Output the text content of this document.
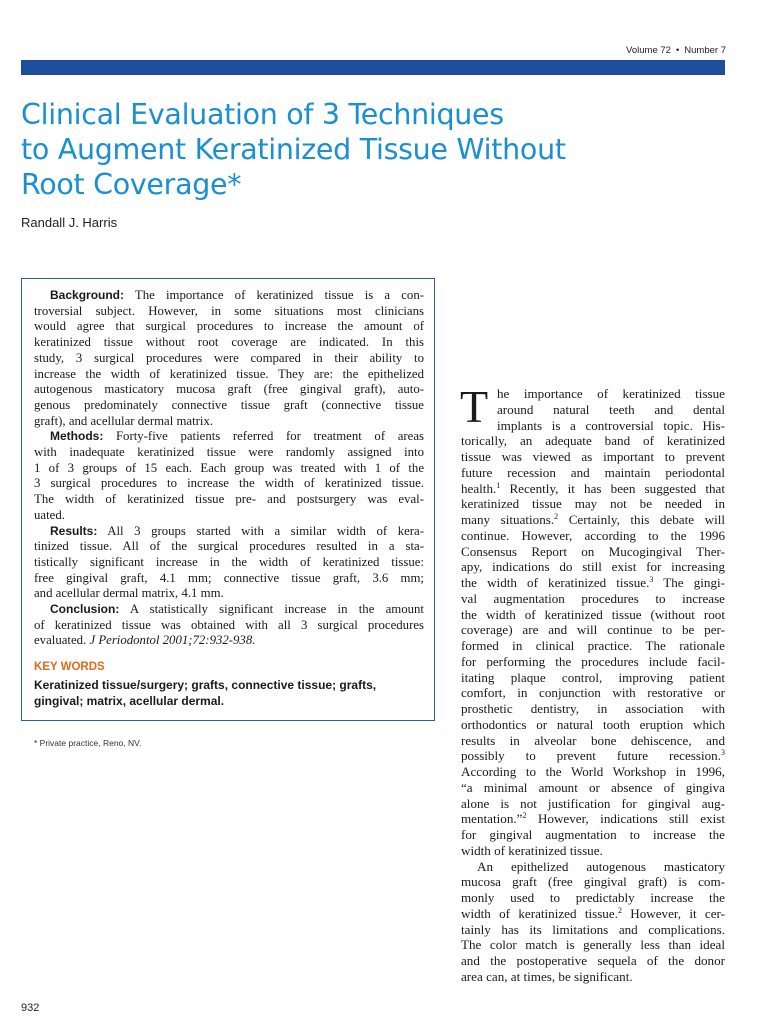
Volume 72 • Number 7
Clinical Evaluation of 3 Techniques
to Augment Keratinized Tissue Without
Root Coverage*
Randall J. Harris
Background: The importance of keratinized tissue is a con-
troversial subject. However, in some situations most clinicians
would agree that surgical procedures to increase the amount of
keratinized tissue without root coverage are indicated. In this
study, 3 surgical procedures were compared in their ability to
increase the width of keratinized tissue. They are: the epithelized
autogenous masticatory mucosa graft (free gingival graft), auto-
genous predominately connective tissue graft (connective tissue
graft), and acellular dermal matrix.
Methods: Forty-five patients referred for treatment of areas
with inadequate keratinized tissue were randomly assigned into
1 of 3 groups of 15 each. Each group was treated with 1 of the
3 surgical procedures to increase the width of keratinized tissue.
The width of keratinized tissue pre- and postsurgery was eval-
uated.
Results: All 3 groups started with a similar width of kera-
tinized tissue. All of the surgical procedures resulted in a sta-
tistically significant increase in the width of keratinized tissue:
free gingival graft, 4.1 mm; connective tissue graft, 3.6 mm;
and acellular dermal matrix, 4.1 mm.
Conclusion: A statistically significant increase in the amount
of keratinized tissue was obtained with all 3 surgical procedures
evaluated. J Periodontol 2001;72:932-938.
KEY WORDS
Keratinized tissue/surgery; grafts, connective tissue; grafts,
gingival; matrix, acellular dermal.
* Private practice, Reno, NV.
T he importance of keratinized tissue
around natural teeth and dental
implants is a controversial topic. His-
torically, an adequate band of keratinized
tissue was viewed as important to prevent
future recession and maintain periodontal
health.$^1$ Recently, it has been suggested that
keratinized tissue may not be needed in
many situations.$^2$ Certainly, this debate will
continue. However, according to the 1996
Consensus Report on Mucogingival Ther-
apy, indications do still exist for increasing
the width of keratinized tissue.$^3$ The gingi-
val augmentation procedures to increase
the width of keratinized tissue (without root
coverage) are and will continue to be per-
formed in clinical practice. The rationale
for performing the procedures include facil-
itating plaque control, improving patient
comfort, in conjunction with restorative or
prosthetic dentistry, in association with
orthodontics or natural tooth eruption which
results in alveolar bone dehiscence, and
possibly to prevent future recession.$^3$
According to the World Workshop in 1996,
“a minimal amount or absence of gingiva
alone is not justification for gingival aug-
mentation.”$^2$ However, indications still exist
for gingival augmentation to increase the
width of keratinized tissue.
An epithelized autogenous masticatory
mucosa graft (free gingival graft) is com-
monly used to predictably increase the
width of keratinized tissue.$^2$ However, it cer-
tainly has its limitations and complications.
The color match is generally less than ideal
and the postoperative sequela of the donor
area can, at times, be significant.
932
